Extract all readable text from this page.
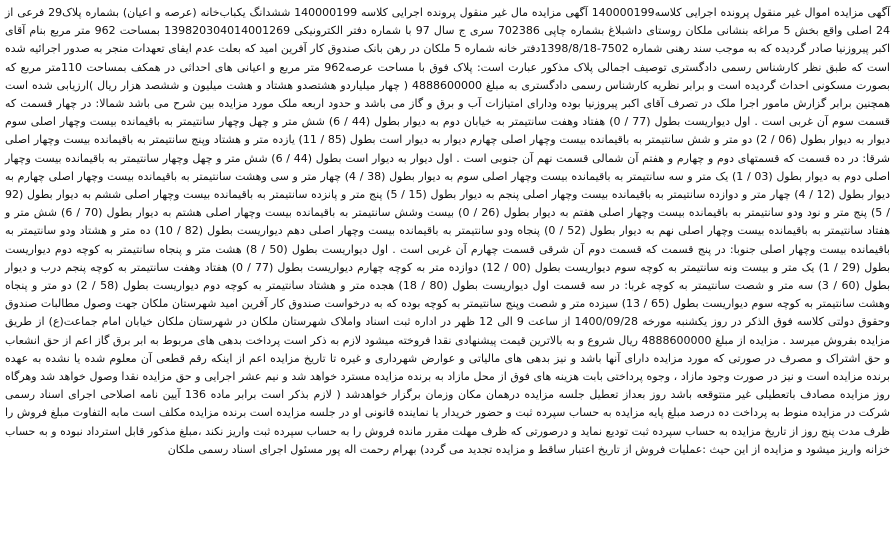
آگهی مزایده اموال غیر منقول پرونده اجرایی کلاسه140000199 آگهی مزایده مال غیر منقول پرونده اجرایی کلاسه 140000199 ششدانگ یکباب‌خانه (عرصه و اعیان) بشماره پلاک29 فرعی از 24 اصلی واقع بخش 5 مراغه بنشانی ملکان روستای داشبلاغ بشماره چاپی 702386 سری ج سال 97 با شماره دفتر الکترونیکی 139820304014001269 بمساحت 962 متر مربع بنام آقای اکبر پیروزنیا صادر گردیده که به موجب سند رهنی شماره 7502-1398/8/18دفتر خانه شماره 5 ملکان در رهن بانک صندوق کار آفرین امید که بعلت عدم ایفای تعهدات منجر به صدور اجرائیه شده است که طبق نظر کارشناس رسمی دادگستری توصیف اجمالی پلاک مذکور عبارت است: پلاک فوق با مساحت عرصه962 متر مربع و اعیانی های احداثی در همکف بمساحت 110متر مربع که بصورت مسکونی احداث گردیده است و برابر نظریه کارشناس رسمی دادگستری به مبلغ 4888600000 ( چهار میلیاردو هشتصدو هشتاد و هشت میلیون و ششصد هزار ریال )ارزیابی شده است همچنین برابر گزارش مامور اجرا ملک در تصرف آقای اکبر پیروزنیا بوده ودارای امتیازات آب و برق و گاز می باشد و حدود اربعه ملک مورد مزایده بین شرح می باشد شمالا: در چهار قسمت که قسمت سوم آن غربی است . اول دیواریست بطول (77 / 0) هفتاد وهفت سانتیمتر به خیابان دوم به دیوار بطول (44 / 6) شش متر و چهل وچهار سانتیمتر به باقیمانده بیست وچهار اصلی سوم دیوار به دیوار بطول (06 / 2) دو متر و شش سانتیمتر به باقیمانده بیست وچهار اصلی چهارم دیوار به دیوار است بطول (85 / 11) یازده متر و هشتاد وپنج سانتیمتر به باقیمانده بیست وچهار اصلی شرقا: در ده قسمت که قسمتهای دوم و چهارم و هفتم آن شمالی قسمت نهم آن جنوبی است . اول دیوار به دیوار است بطول (44 / 6) شش متر و چهل وچهار سانتیمتر به باقیمانده بیست وچهار اصلی دوم به دیوار بطول (03 / 1) یک متر و سه سانتیمتر به باقیمانده بیست وچهار اصلی سوم به دیوار بطول (38 / 4) چهار متر و سی وهشت سانتیمتر به باقیمانده بیست وچهار اصلی چهارم به دیوار بطول (12 / 4) چهار متر و دوازده سانتیمتر به باقیمانده بیست وچهار اصلی پنجم به دیوار بطول (15 / 5) پنج متر و پانزده سانتیمتر به باقیمانده بیست وچهار اصلی ششم به دیوار بطول (92 / 5) پنج متر و نود ودو سانتیمتر به باقیمانده بیست وچهار اصلی هفتم به دیوار بطول (26 / 0) بیست وشش سانتیمتر به باقیمانده بیست وچهار اصلی هشتم به دیوار بطول (70 / 6) شش متر و هفتاد سانتیمتر به باقیمانده بیست وچهار اصلی نهم به دیوار بطول (52 / 0) پنجاه ودو سانتیمتر به باقیمانده بیست وچهار اصلی دهم دیواریست بطول (82 / 10) ده متر و هشتاد ودو سانتیمتر به باقیمانده بیست وچهار اصلی جنوبا: در پنج قسمت که قسمت دوم آن شرقی قسمت چهارم آن غربی است . اول دیواریست بطول (50 / 8) هشت متر و پنجاه سانتیمتر به کوچه دوم دیواریست بطول (29 / 1) یک متر و بیست ونه سانتیمتر به کوچه سوم دیواریست بطول (00 / 12) دوازده متر به کوچه چهارم دیواریست بطول (77 / 0) هفتاد وهفت سانتیمتر به کوچه پنجم درب و دیوار بطول (60 / 3) سه متر و شصت سانتیمتر به کوچه غربا: در سه قسمت اول دیواریست بطول (80 / 18) هجده متر و هشتاد سانتیمتر به کوچه دوم دیواریست بطول (58 / 2) دو متر و پنجاه وهشت سانتیمتر به کوچه سوم دیواریست بطول (65 / 13) سیزده متر و شصت وپنج سانتیمتر به کوچه بوده که به درخواست صندوق کار آفرین امید شهرستان ملکان جهت وصول مطالبات صندوق وحقوق دولتی کلاسه فوق الذکر در روز یکشنبه مورخه 1400/09/28 از ساعت 9 الی 12 ظهر در اداره ثبت اسناد واملاک شهرستان ملکان در شهرستان ملکان خیابان امام جماعت(ع) از طریق مزایده بفروش میرسد . مزایده از مبلغ 4888600000 ریال شروع و به بالاترین قیمت پیشنهادی نقدا فروخته میشود لازم به ذکر است پرداخت بدهی های مربوط به ابر برق گاز اعم از حق انشعاب و حق اشتراک و مصرف در صورتی که مورد مزایده دارای آنها باشد و نیز بدهی های مالیاتی و عوارض شهرداری و غیره تا تاریخ مزایده اعم از اینکه رقم قطعی آن معلوم شده یا نشده به عهده برنده مزایده است و نیز در صورت وجود مازاد ، وجوه پرداختی بابت هزینه های فوق از محل مازاد به برنده مزایده مسترد خواهد شد و نیم عشر اجرایی و حق مزایده نقدا وصول خواهد شد وهرگاه روز مزایده مصادف باتعطیلی غیر منتوقعه باشد روز بعداز تعطیل جلسه مزایده درهمان مکان وزمان برگزار خواهدشد ( لازم بذکر است برابر ماده 136 آیین نامه اصلاحی اجرای اسناد رسمی شرکت در مزایده منوط به پرداخت ده درصد مبلغ پایه مزایده به حساب سپرده ثبت و حضور خریدار یا نماینده قانونی او در جلسه مزایده است برنده مزایده مکلف است مابه التفاوت مبلغ فروش را ظرف مدت پنج روز از تاریخ مزایده به حساب سپرده ثبت تودیع نماید و درصورتی که ظرف مهلت مقرر مانده فروش را به حساب سپرده ثبت واریز نکند ،مبلغ مذکور قابل استرداد نبوده و به حساب خزانه واریز میشود و مزایده از این حیث :عملیات فروش از تاریخ اعتبار ساقط و مزایده تجدید می گردد) بهرام رحمت اله پور مسئول اجرای اسناد رسمی ملکان
